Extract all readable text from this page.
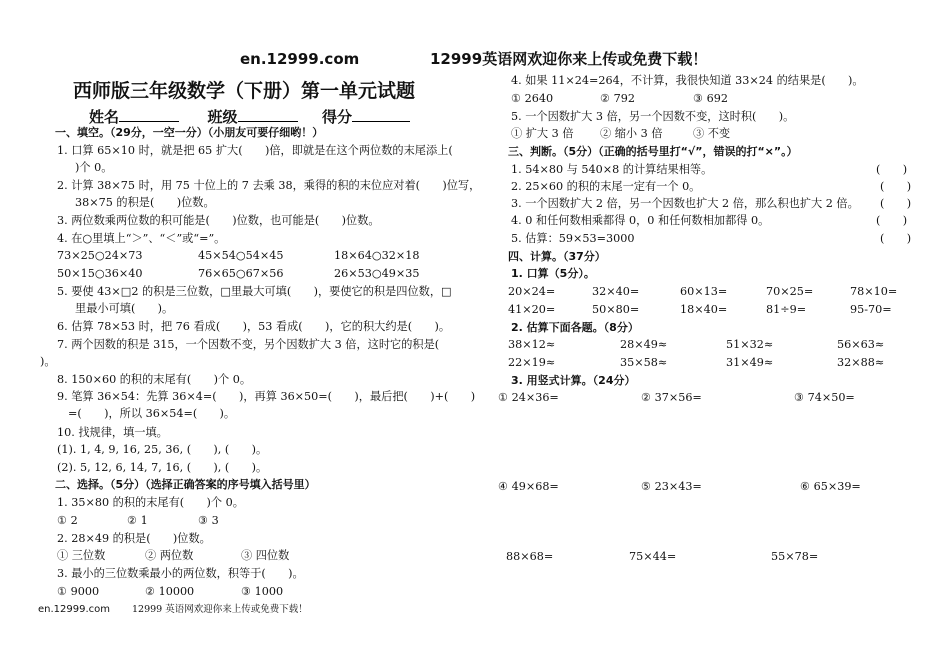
en.12999.com	12999英语网欢迎你来上传或免费下载！
西师版三年级数学（下册）第一单元试题
姓名	班级	得分
一、填空。（29分，一空一分）（小朋友可要仔细哟！）
1. 口算 65×10 时，就是把 65 扩大(　　)倍，即就是在这个两位数的末尾添上(
)个 0。
2. 计算 38×75 时，用 75 十位上的 7 去乘 38，乘得的积的末位应对着(　　)位写，
38×75 的积是(　　)位数。
3. 两位数乘两位数的积可能是(　　)位数，也可能是(　　)位数。
4. 在○里填上“＞”、“＜”或“=”。
73×25○24×73	45×54○54×45	18×64○32×18
50×15○36×40	76×65○67×56	26×53○49×35
5. 要使 43×□2 的积是三位数，□里最大可填(　　)，要使它的积是四位数，□
里最小可填(　　)。
6. 估算 78×53 时，把 76 看成(　　)，53 看成(　　)，它的积大约是(　　)。
7. 两个因数的积是 315，一个因数不变，另个因数扩大 3 倍，这时它的积是(
)。
8. 150×60 的积的末尾有(　　)个 0。
9. 笔算 36×54：先算 36×4=(　　)，再算 36×50=(　　)，最后把(　　)+(　　)
=(　　)，所以 36×54=(　　)。
10. 找规律，填一填。
(1). 1, 4, 9, 16, 25, 36, (　　), (　　)。
(2). 5, 12, 6, 14, 7, 16, (　　), (　　)。
二、选择。（5分）（选择正确答案的序号填入括号里）
1. 35×80 的积的末尾有(　　)个 0。
① 2	② 1	③ 3
2. 28×49 的积是(　　)位数。
① 三位数	② 两位数	③ 四位数
3. 最小的三位数乘最小的两位数，积等于(　　)。
① 9000	② 10000	③ 1000
4. 如果 11×24=264，不计算，我很快知道 33×24 的结果是(　　)。
① 2640	② 792	③ 692
5. 一个因数扩大 3 倍，另一个因数不变，这时积(　　)。
① 扩大 3 倍 ② 缩小 3 倍	③ 不变
三、判断。（5分）（正确的括号里打“√”，错误的打“×”。）
1. 54×80 与 540×8 的计算结果相等。
2. 25×60 的积的末尾一定有一个 0。
3. 一个因数扩大 2 倍，另一个因数也扩大 2 倍，那么积也扩大 2 倍。
4. 0 和任何数相乘都得 0，0 和任何数相加都得 0。
5. 估算：59×53=3000
(　　)
(　　)
(　　)
(　　)
(　　)
四、计算。（37分）
1. 口算（5分）。
20×24=	32×40=	60×13=	70×25=	78×10=
41×20=	50×80=	18×40=	81÷9=	95-70=
2. 估算下面各题。（8分）
38×12≈	28×49≈	51×32≈	56×63≈
22×19≈	35×58≈	31×49≈	32×88≈
3. 用竖式计算。（24分）
① 24×36=	② 37×56=	③ 74×50=
④ 49×68=	⑤ 23×43=	⑥ 65×39=
88×68=	75×44=	55×78=
en.12999.com 12999 英语网欢迎你来上传或免费下载！
